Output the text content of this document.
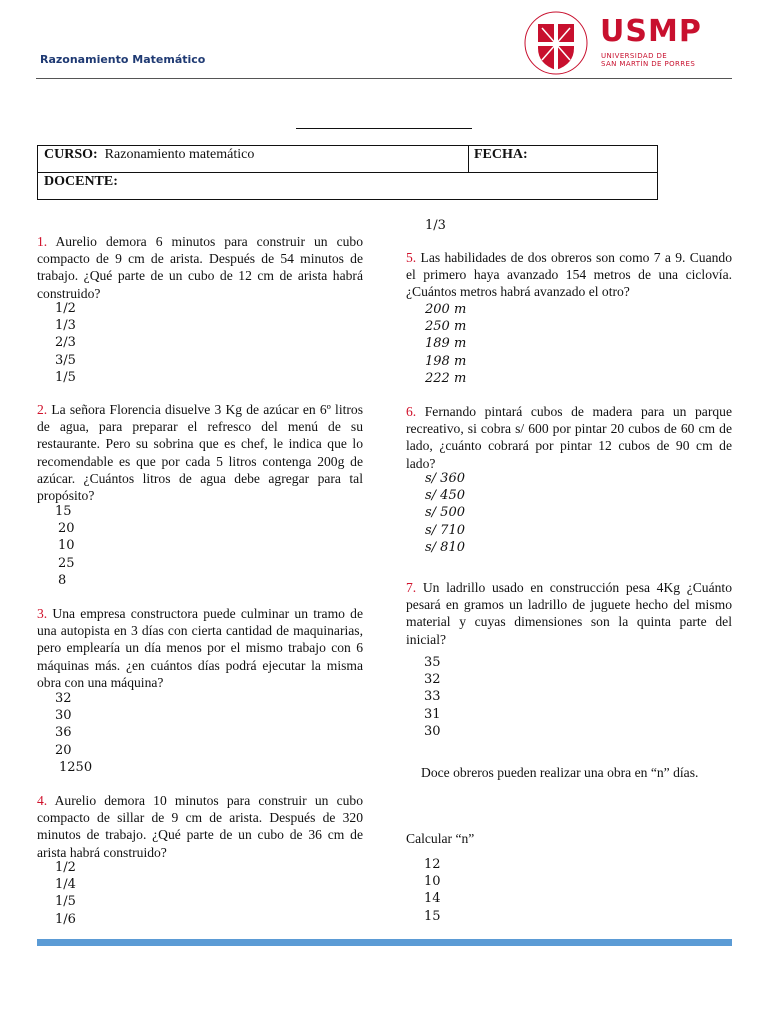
Razonamiento Matemático
USMP
UNIVERSIDAD DE
SAN MARTÍN DE PORRES
CURSO: Razonamiento matemático	FECHA:
DOCENTE:
1. Aurelio demora 6 minutos para construir un cubo compacto de 9 cm de arista. Después de 54 minutos de trabajo. ¿Qué parte de un cubo de 12 cm de arista habrá construido?
1/2
1/3
2/3
3/5
1/5
2. La señora Florencia disuelve 3 Kg de azúcar en 6º litros de agua, para preparar el refresco del menú de su restaurante. Pero su sobrina que es chef, le indica que lo recomendable es que por cada 5 litros contenga 200g de azúcar. ¿Cuántos litros de agua debe agregar para tal propósito?
15
20
10
25
8
3. Una empresa constructora puede culminar un tramo de una autopista en 3 días con cierta cantidad de maquinarias, pero emplearía un día menos por el mismo trabajo con 6 máquinas más. ¿en cuántos días podrá ejecutar la misma obra con una máquina?
32
30
36
20
1250
4. Aurelio demora 10 minutos para construir un cubo compacto de sillar de 9 cm de arista. Después de 320 minutos de trabajo. ¿Qué parte de un cubo de 36 cm de arista habrá construido?
1/2
1/4
1/5
1/6
1/3
5. Las habilidades de dos obreros son como 7 a 9. Cuando el primero haya avanzado 154 metros de una ciclovía. ¿Cuántos metros habrá avanzado el otro?
200 m
250 m
189 m
198 m
222 m
6. Fernando pintará cubos de madera para un parque recreativo, si cobra s/ 600 por pintar 20 cubos de 60 cm de lado, ¿cuánto cobrará por pintar 12 cubos de 90 cm de lado?
s/ 360
s/ 450
s/ 500
s/ 710
s/ 810
7. Un ladrillo usado en construcción pesa 4Kg ¿Cuánto pesará en gramos un ladrillo de juguete hecho del mismo material y cuyas dimensiones son la quinta parte del inicial?
35
32
33
31
30
Doce obreros pueden realizar una obra en “n” días.
Calcular “n”
12
10
14
15
